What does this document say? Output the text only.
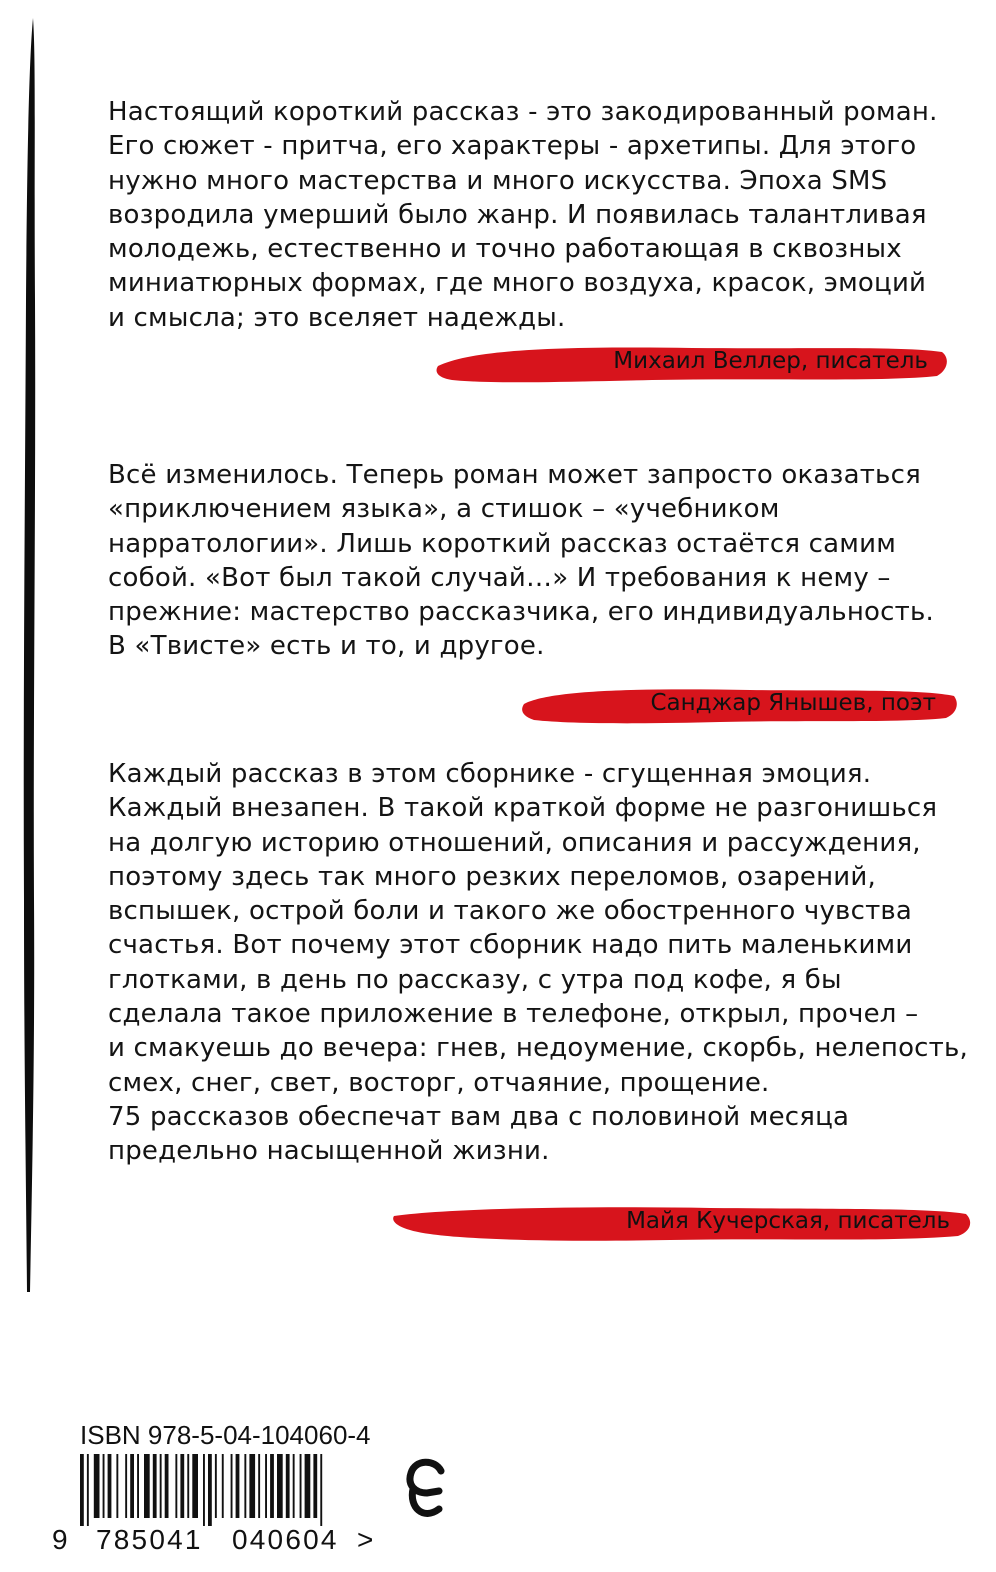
Настоящий короткий рассказ - это закодированный роман.
Его сюжет - притча, его характеры - архетипы. Для этого
нужно много мастерства и много искусства. Эпоха SMS
возродила умерший было жанр. И появилась талантливая
молодежь, естественно и точно работающая в сквозных
миниатюрных формах, где много воздуха, красок, эмоций
и смысла; это вселяет надежды.
Михаил Веллер, писатель
Всё изменилось. Теперь роман может запросто оказаться
«приключением языка», а стишок – «учебником
нарратологии». Лишь короткий рассказ остаётся самим
собой. «Вот был такой случай…» И требования к нему –
прежние: мастерство рассказчика, его индивидуальность.
В «Твисте» есть и то, и другое.
Санджар Янышев, поэт
Каждый рассказ в этом сборнике - сгущенная эмоция.
Каждый внезапен. В такой краткой форме не разгонишься
на долгую историю отношений, описания и рассуждения,
поэтому здесь так много резких переломов, озарений,
вспышек, острой боли и такого же обостренного чувства
счастья. Вот почему этот сборник надо пить маленькими
глотками, в день по рассказу, с утра под кофе, я бы
сделала такое приложение в телефоне, открыл, прочел –
и смакуешь до вечера: гнев, недоумение, скорбь, нелепость,
смех, снег, свет, восторг, отчаяние, прощение.
75 рассказов обеспечат вам два с половиной месяца
предельно насыщенной жизни.
Майя Кучерская, писатель
ISBN 978-5-04-104060-4
9 785041 040604 >
